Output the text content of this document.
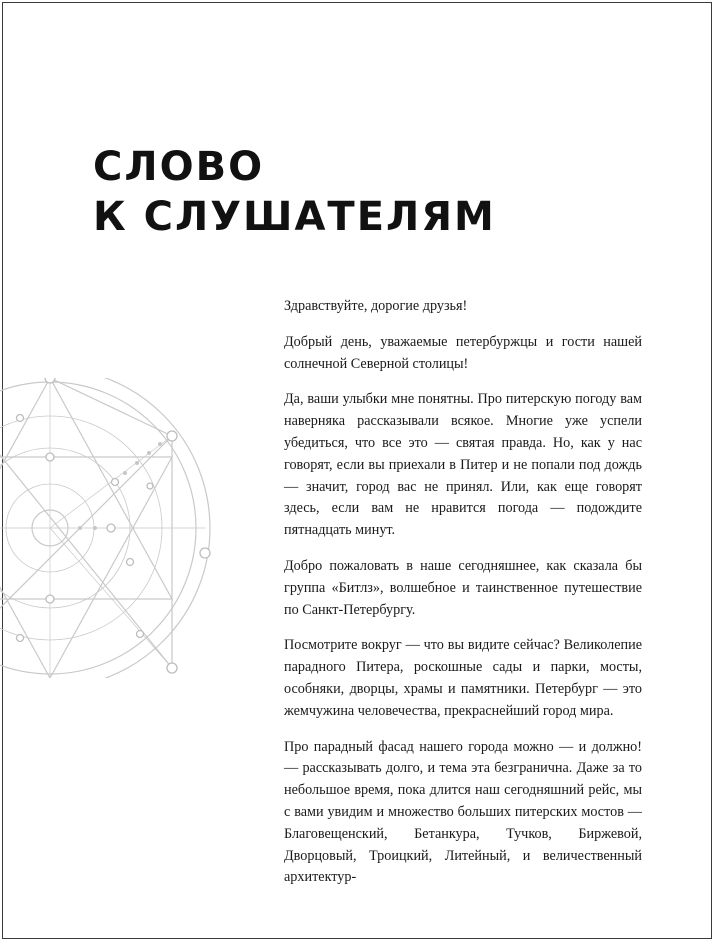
СЛОВО
К СЛУШАТЕЛЯМ

Здравствуйте, дорогие друзья!

Добрый день, уважаемые петербуржцы и гости нашей солнечной Северной столицы!

Да, ваши улыбки мне понятны. Про питерскую погоду вам наверняка рассказывали всякое. Многие уже успели убедиться, что все это — святая правда. Но, как у нас говорят, если вы приехали в Питер и не попали под дождь — значит, город вас не принял. Или, как еще говорят здесь, если вам не нравится погода — подождите пятнадцать минут.

Добро пожаловать в наше сегодняшнее, как сказала бы группа «Битлз», волшебное и таинственное путешествие по Санкт-Петербургу.

Посмотрите вокруг — что вы видите сейчас? Великолепие парадного Питера, роскошные сады и парки, мосты, особняки, дворцы, храмы и памятники. Петербург — это жемчужина человечества, прекраснейший город мира.

Про парадный фасад нашего города можно — и должно! — рассказывать долго, и тема эта безгранична. Даже за то небольшое время, пока длится наш сегодняшний рейс, мы с вами увидим и множество больших питерских мостов — Благовещенский, Бетанкура, Тучков, Биржевой, Дворцовый, Троицкий, Литейный, и величественный архитектур-
